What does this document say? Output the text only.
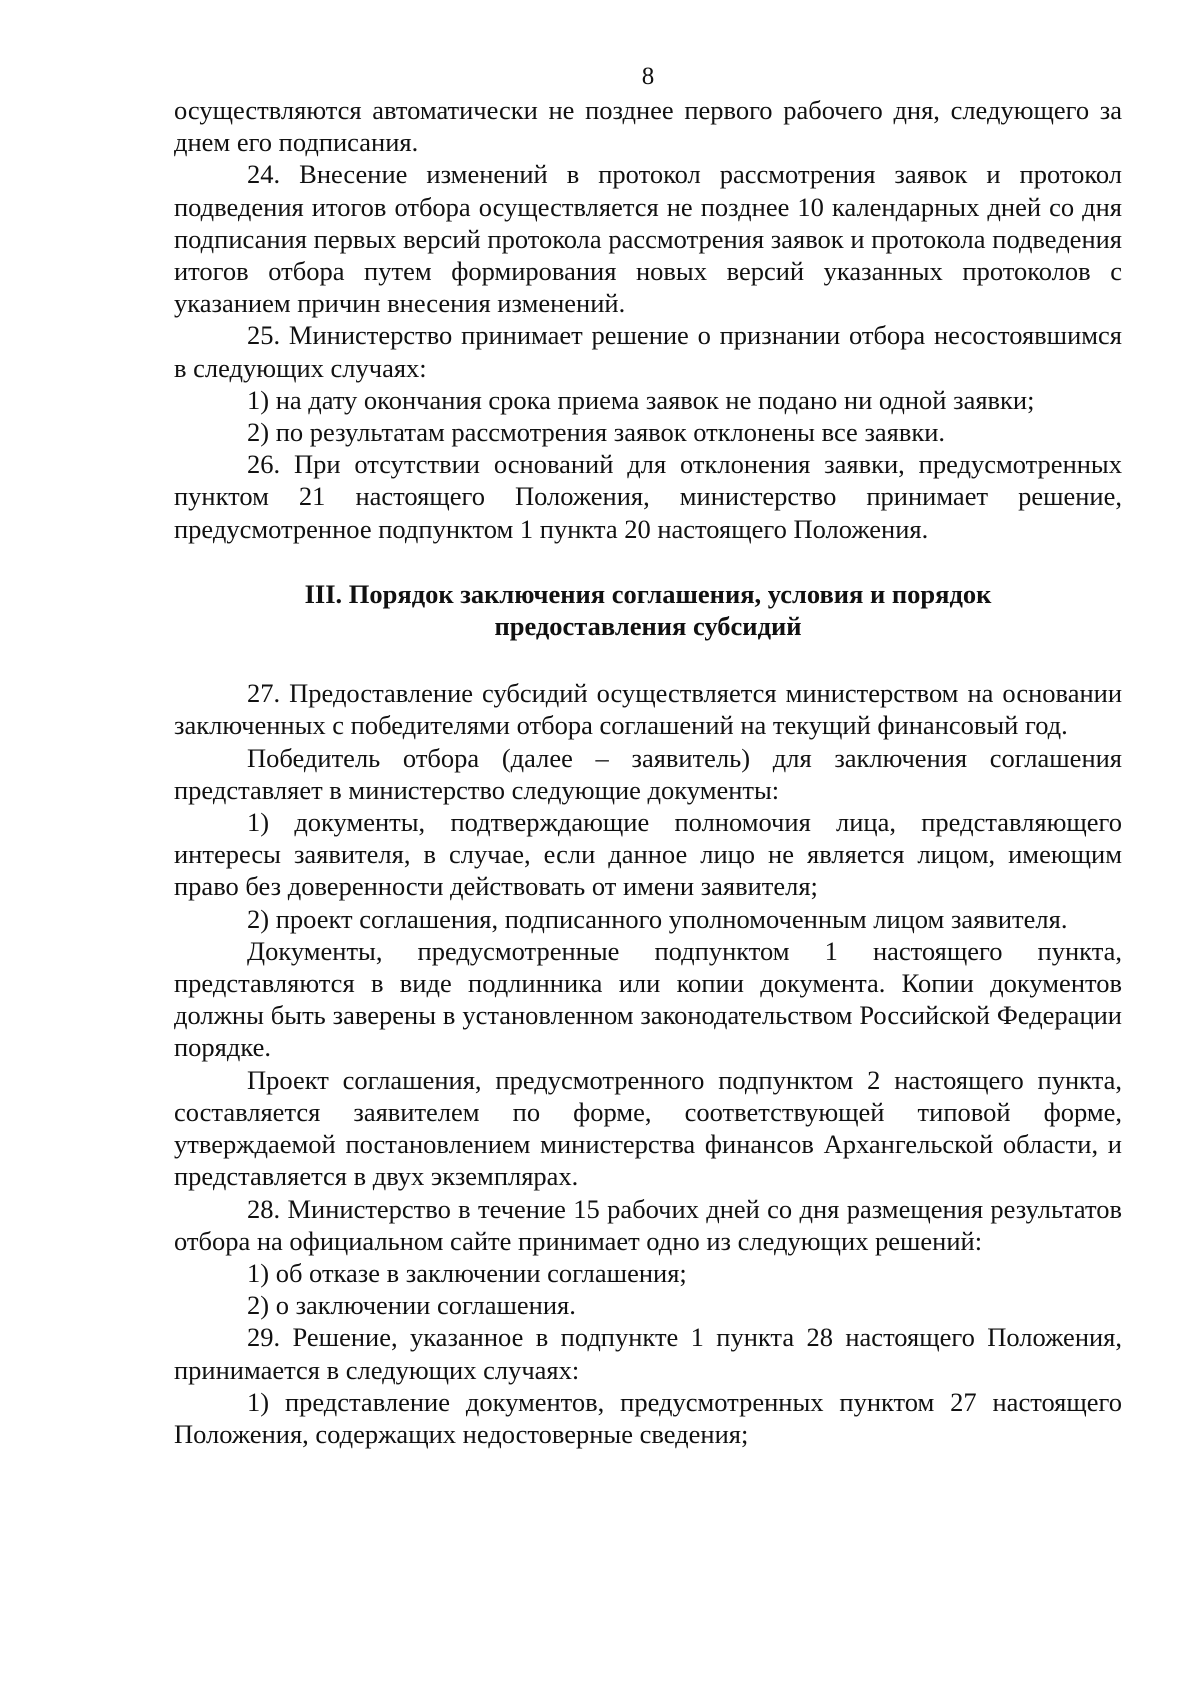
8

осуществляются автоматически не позднее первого рабочего дня, следующего за днем его подписания.

24. Внесение изменений в протокол рассмотрения заявок и протокол подведения итогов отбора осуществляется не позднее 10 календарных дней со дня подписания первых версий протокола рассмотрения заявок и протокола подведения итогов отбора путем формирования новых версий указанных протоколов с указанием причин внесения изменений.

25. Министерство принимает решение о признании отбора несостоявшимся в следующих случаях:

1) на дату окончания срока приема заявок не подано ни одной заявки;

2) по результатам рассмотрения заявок отклонены все заявки.

26. При отсутствии оснований для отклонения заявки, предусмотренных пунктом 21 настоящего Положения, министерство принимает решение, предусмотренное подпунктом 1 пункта 20 настоящего Положения.

III. Порядок заключения соглашения, условия и порядок
предоставления субсидий

27. Предоставление субсидий осуществляется министерством на основании заключенных с победителями отбора соглашений на текущий финансовый год.

Победитель отбора (далее – заявитель) для заключения соглашения представляет в министерство следующие документы:

1) документы, подтверждающие полномочия лица, представляющего интересы заявителя, в случае, если данное лицо не является лицом, имеющим право без доверенности действовать от имени заявителя;

2) проект соглашения, подписанного уполномоченным лицом заявителя.

Документы, предусмотренные подпунктом 1 настоящего пункта, представляются в виде подлинника или копии документа. Копии документов должны быть заверены в установленном законодательством Российской Федерации порядке.

Проект соглашения, предусмотренного подпунктом 2 настоящего пункта, составляется заявителем по форме, соответствующей типовой форме, утверждаемой постановлением министерства финансов Архангельской области, и представляется в двух экземплярах.

28. Министерство в течение 15 рабочих дней со дня размещения результатов отбора на официальном сайте принимает одно из следующих решений:

1) об отказе в заключении соглашения;

2) о заключении соглашения.

29. Решение, указанное в подпункте 1 пункта 28 настоящего Положения, принимается в следующих случаях:

1) представление документов, предусмотренных пунктом 27 настоящего Положения, содержащих недостоверные сведения;
